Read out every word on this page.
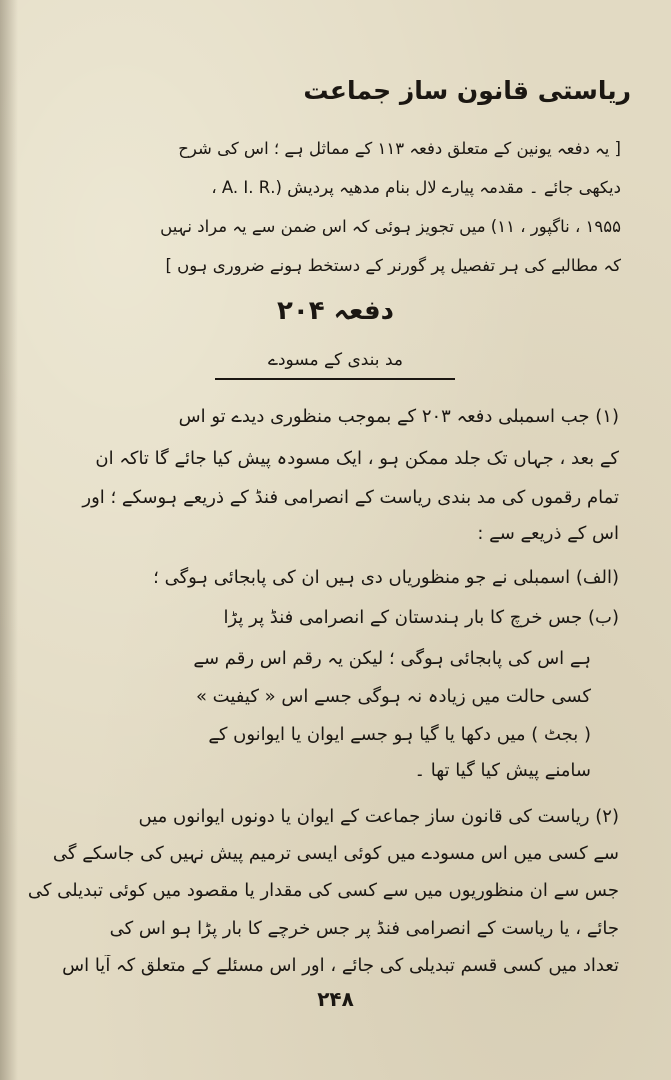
ریاستی قانون ساز جماعت
[ یہ دفعہ یونین کے متعلق دفعہ ۱۱۳ کے مماثل ہے ؛ اس کی شرح
دیکھی جائے ۔ مقدمہ پیارے لال بنام مدھیہ پردیش (.A. I. R ،
۱۹۵۵ ، ناگپور ، ۱۱) میں تجویز ہوئی کہ اس ضمن سے یہ مراد نہیں
کہ مطالبے کی ہر تفصیل پر گورنر کے دستخط ہونے ضروری ہوں ]
دفعہ ۲۰۴
مد بندی کے مسودے
(۱) جب اسمبلی دفعہ ۲۰۳ کے بموجب منظوری دیدے تو اس
کے بعد ، جہاں تک جلد ممکن ہو ، ایک مسودہ پیش کیا جائے گا تاکہ ان
تمام رقموں کی مد بندی ریاست کے انصرامی فنڈ کے ذریعے ہوسکے ؛ اور
اس کے ذریعے سے :
(الف) اسمبلی نے جو منظوریاں دی ہیں ان کی پابجائی ہوگی ؛
(ب) جس خرچ کا بار ہندستان کے انصرامی فنڈ پر پڑا
ہے اس کی پابجائی ہوگی ؛ لیکن یہ رقم اس رقم سے
کسی حالت میں زیادہ نہ ہوگی جسے اس « کیفیت »
( بجٹ ) میں دکھا یا گیا ہو جسے ایوان یا ایوانوں کے
سامنے پیش کیا گیا تھا ۔
(۲) ریاست کی قانون ساز جماعت کے ایوان یا دونوں ایوانوں میں
سے کسی میں اس مسودے میں کوئی ایسی ترمیم پیش نہیں کی جاسکے گی
جس سے ان منظوریوں میں سے کسی کی مقدار یا مقصود میں کوئی تبدیلی کی
جائے ، یا ریاست کے انصرامی فنڈ پر جس خرچے کا بار پڑا ہو اس کی
تعداد میں کسی قسم تبدیلی کی جائے ، اور اس مسئلے کے متعلق کہ آیا اس
۲۴۸
